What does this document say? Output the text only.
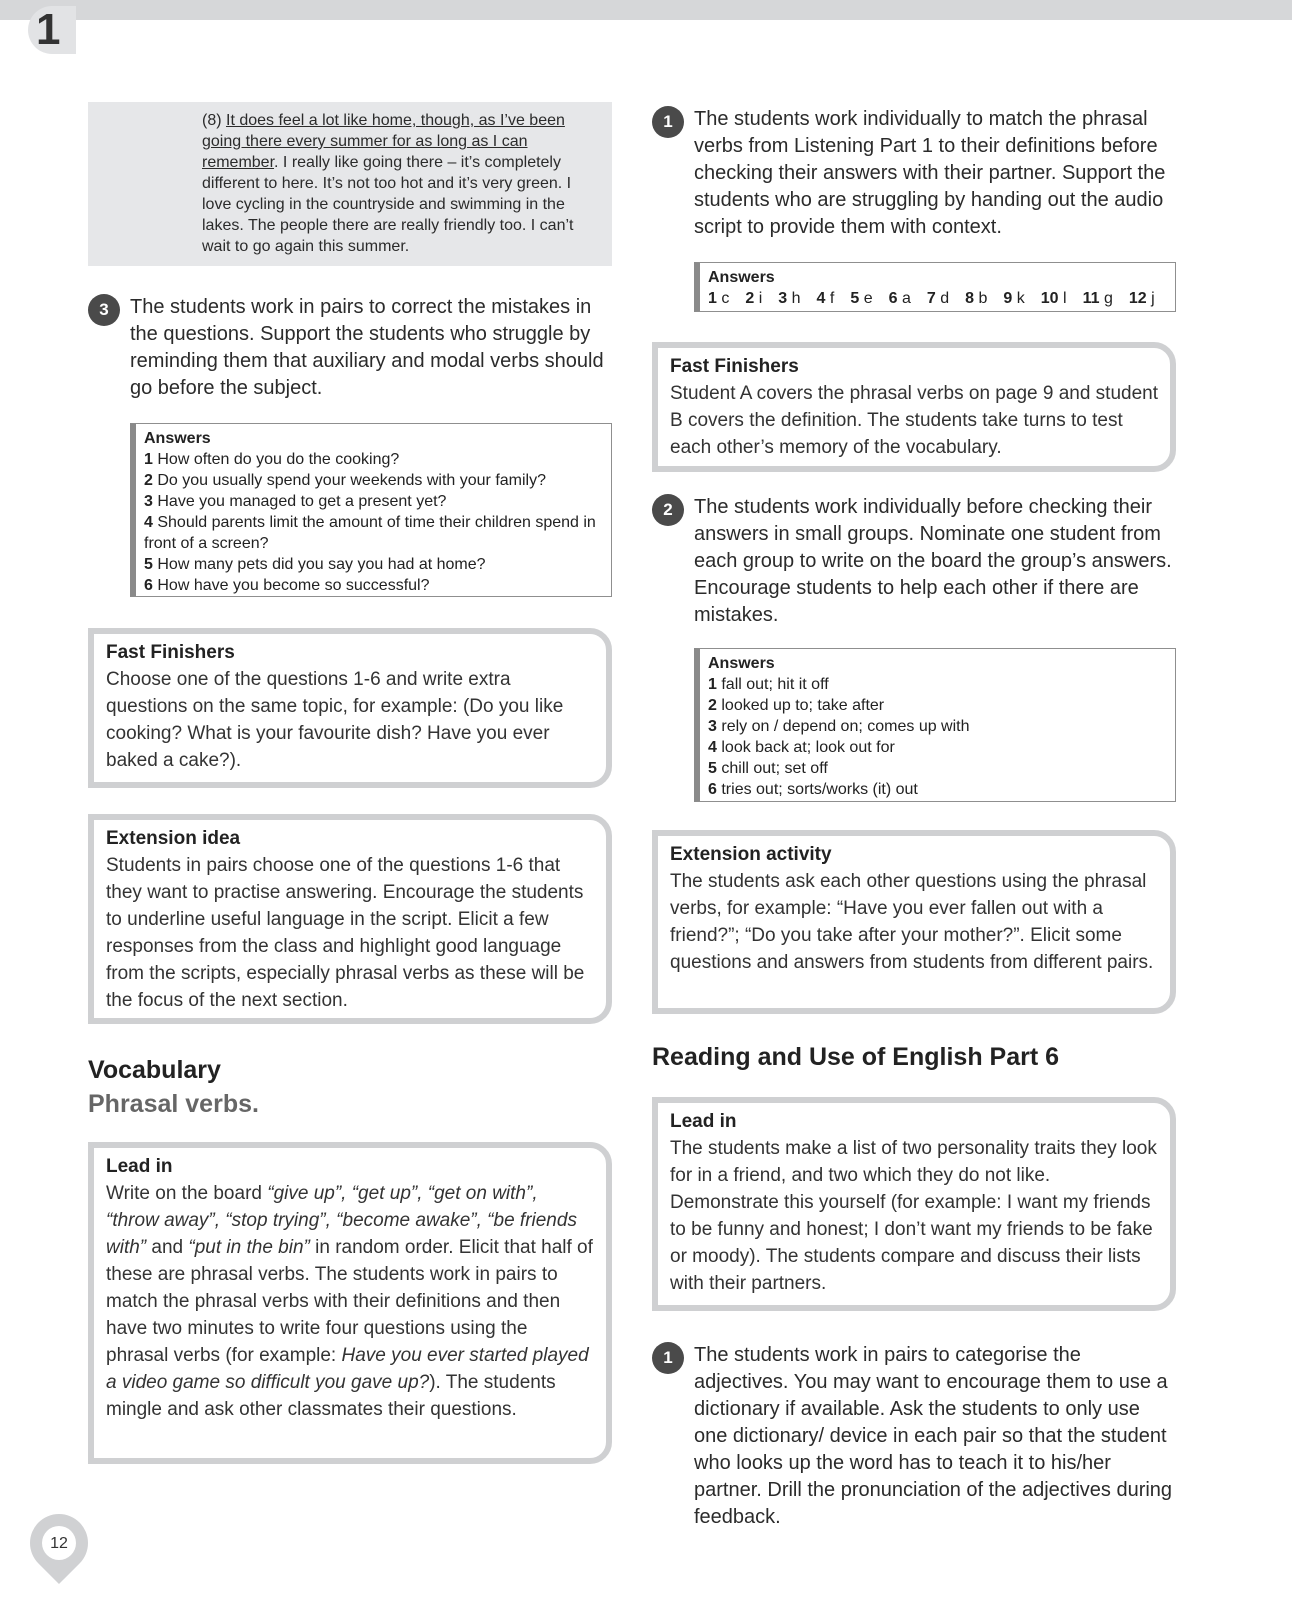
1

(8) It does feel a lot like home, though, as I’ve been going there every summer for as long as I can remember. I really like going there – it’s completely different to here. It’s not too hot and it’s very green. I love cycling in the countryside and swimming in the lakes. The people there are really friendly too. I can’t wait to go again this summer.

3	The students work in pairs to correct the mistakes in the questions. Support the students who struggle by reminding them that auxiliary and modal verbs should go before the subject.

Answers
1 How often do you do the cooking?
2 Do you usually spend your weekends with your family?
3 Have you managed to get a present yet?
4 Should parents limit the amount of time their children spend in front of a screen?
5 How many pets did you say you had at home?
6 How have you become so successful?
Fast Finishers

Choose one of the questions 1-6 and write extra questions on the same topic, for example: (Do you like cooking? What is your favourite dish? Have you ever baked a cake?).

Extension idea

Students in pairs choose one of the questions 1-6 that they want to practise answering. Encourage the students to underline useful language in the script. Elicit a few responses from the class and highlight good language from the scripts, especially phrasal verbs as these will be the focus of the next section.

Vocabulary
Phrasal verbs.
Lead in

Write on the board “give up”, “get up”, “get on with”, “throw away”, “stop trying”, “become awake”, “be friends with” and “put in the bin” in random order. Elicit that half of these are phrasal verbs. The students work in pairs to match the phrasal verbs with their definitions and then have two minutes to write four questions using the phrasal verbs (for example: Have you ever started played a video game so difficult you gave up?). The students mingle and ask other classmates their questions.

1	The students work individually to match the phrasal verbs from Listening Part 1 to their definitions before checking their answers with their partner. Support the students who are struggling by handing out the audio script to provide them with context.

Answers
1 c 2 i 3 h 4 f 5 e 6 a 7 d 8 b 9 k 10 l 11 g 12 j
Fast Finishers

Student A covers the phrasal verbs on page 9 and student B covers the definition. The students take turns to test each other’s memory of the vocabulary.

2	The students work individually before checking their answers in small groups. Nominate one student from each group to write on the board the group’s answers. Encourage students to help each other if there are mistakes.

Answers
1 fall out; hit it off
2 looked up to; take after
3 rely on / depend on; comes up with
4 look back at; look out for
5 chill out; set off
6 tries out; sorts/works (it) out
Extension activity

The students ask each other questions using the phrasal verbs, for example: “Have you ever fallen out with a friend?”; “Do you take after your mother?”. Elicit some questions and answers from students from different pairs.

Reading and Use of English Part 6
Lead in

The students make a list of two personality traits they look for in a friend, and two which they do not like. Demonstrate this yourself (for example: I want my friends to be funny and honest; I don’t want my friends to be fake or moody). The students compare and discuss their lists with their partners.

1	The students work in pairs to categorise the adjectives. You may want to encourage them to use a dictionary if available. Ask the students to only use one dictionary/ device in each pair so that the student who looks up the word has to teach it to his/her partner. Drill the pronunciation of the adjectives during feedback.

12
